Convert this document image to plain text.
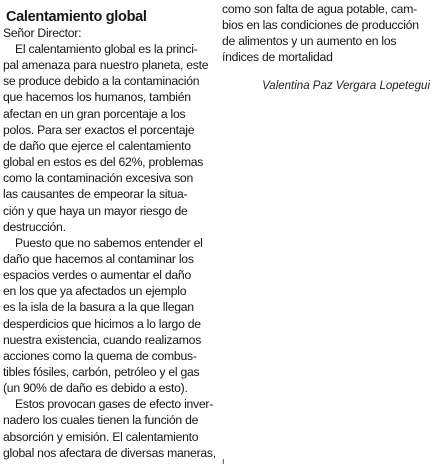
Calentamiento global
Señor Director:
El calentamiento global es la princi-
pal amenaza para nuestro planeta, este
se produce debido a la contaminación
que hacemos los humanos, también
afectan en un gran porcentaje a los
polos. Para ser exactos el porcentaje
de daño que ejerce el calentamiento
global en estos es del 62%, problemas
como la contaminación excesiva son
las causantes de empeorar la situa-
ción y que haya un mayor riesgo de
destrucción.
Puesto que no sabemos entender el
daño que hacemos al contaminar los
espacios verdes o aumentar el daño
en los que ya afectados un ejemplo
es la isla de la basura a la que llegan
desperdicios que hicimos a lo largo de
nuestra existencia, cuando realizamos
acciones como la quema de combus-
tibles fósiles, carbón, petróleo y el gas
(un 90% de daño es debido a esto).
Estos provocan gases de efecto inver-
nadero los cuales tienen la función de
absorción y emisión. El calentamiento
global nos afectara de diversas maneras,
como son falta de agua potable, cam-
bios en las condiciones de producción
de alimentos y un aumento en los
índices de mortalidad
Valentina Paz Vergara Lopetegui
ı
